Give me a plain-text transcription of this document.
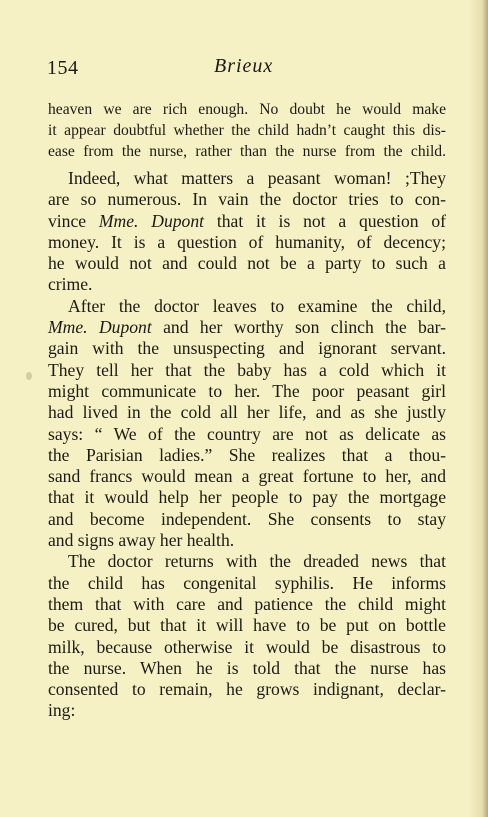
154	Brieux
heaven we are rich enough. No doubt he would make
it appear doubtful whether the child hadn’t caught this dis-
ease from the nurse, rather than the nurse from the child.
Indeed, what matters a peasant woman! ;They
are so numerous. In vain the doctor tries to con-
vince Mme. Dupont that it is not a question of
money. It is a question of humanity, of decency;
he would not and could not be a party to such a
crime.
After the doctor leaves to examine the child,
Mme. Dupont and her worthy son clinch the bar-
gain with the unsuspecting and ignorant servant.
They tell her that the baby has a cold which it
might communicate to her. The poor peasant girl
had lived in the cold all her life, and as she justly
says: “ We of the country are not as delicate as
the Parisian ladies.” She realizes that a thou-
sand francs would mean a great fortune to her, and
that it would help her people to pay the mortgage
and become independent. She consents to stay
and signs away her health.
The doctor returns with the dreaded news that
the child has congenital syphilis. He informs
them that with care and patience the child might
be cured, but that it will have to be put on bottle
milk, because otherwise it would be disastrous to
the nurse. When he is told that the nurse has
consented to remain, he grows indignant, declar-
ing:
